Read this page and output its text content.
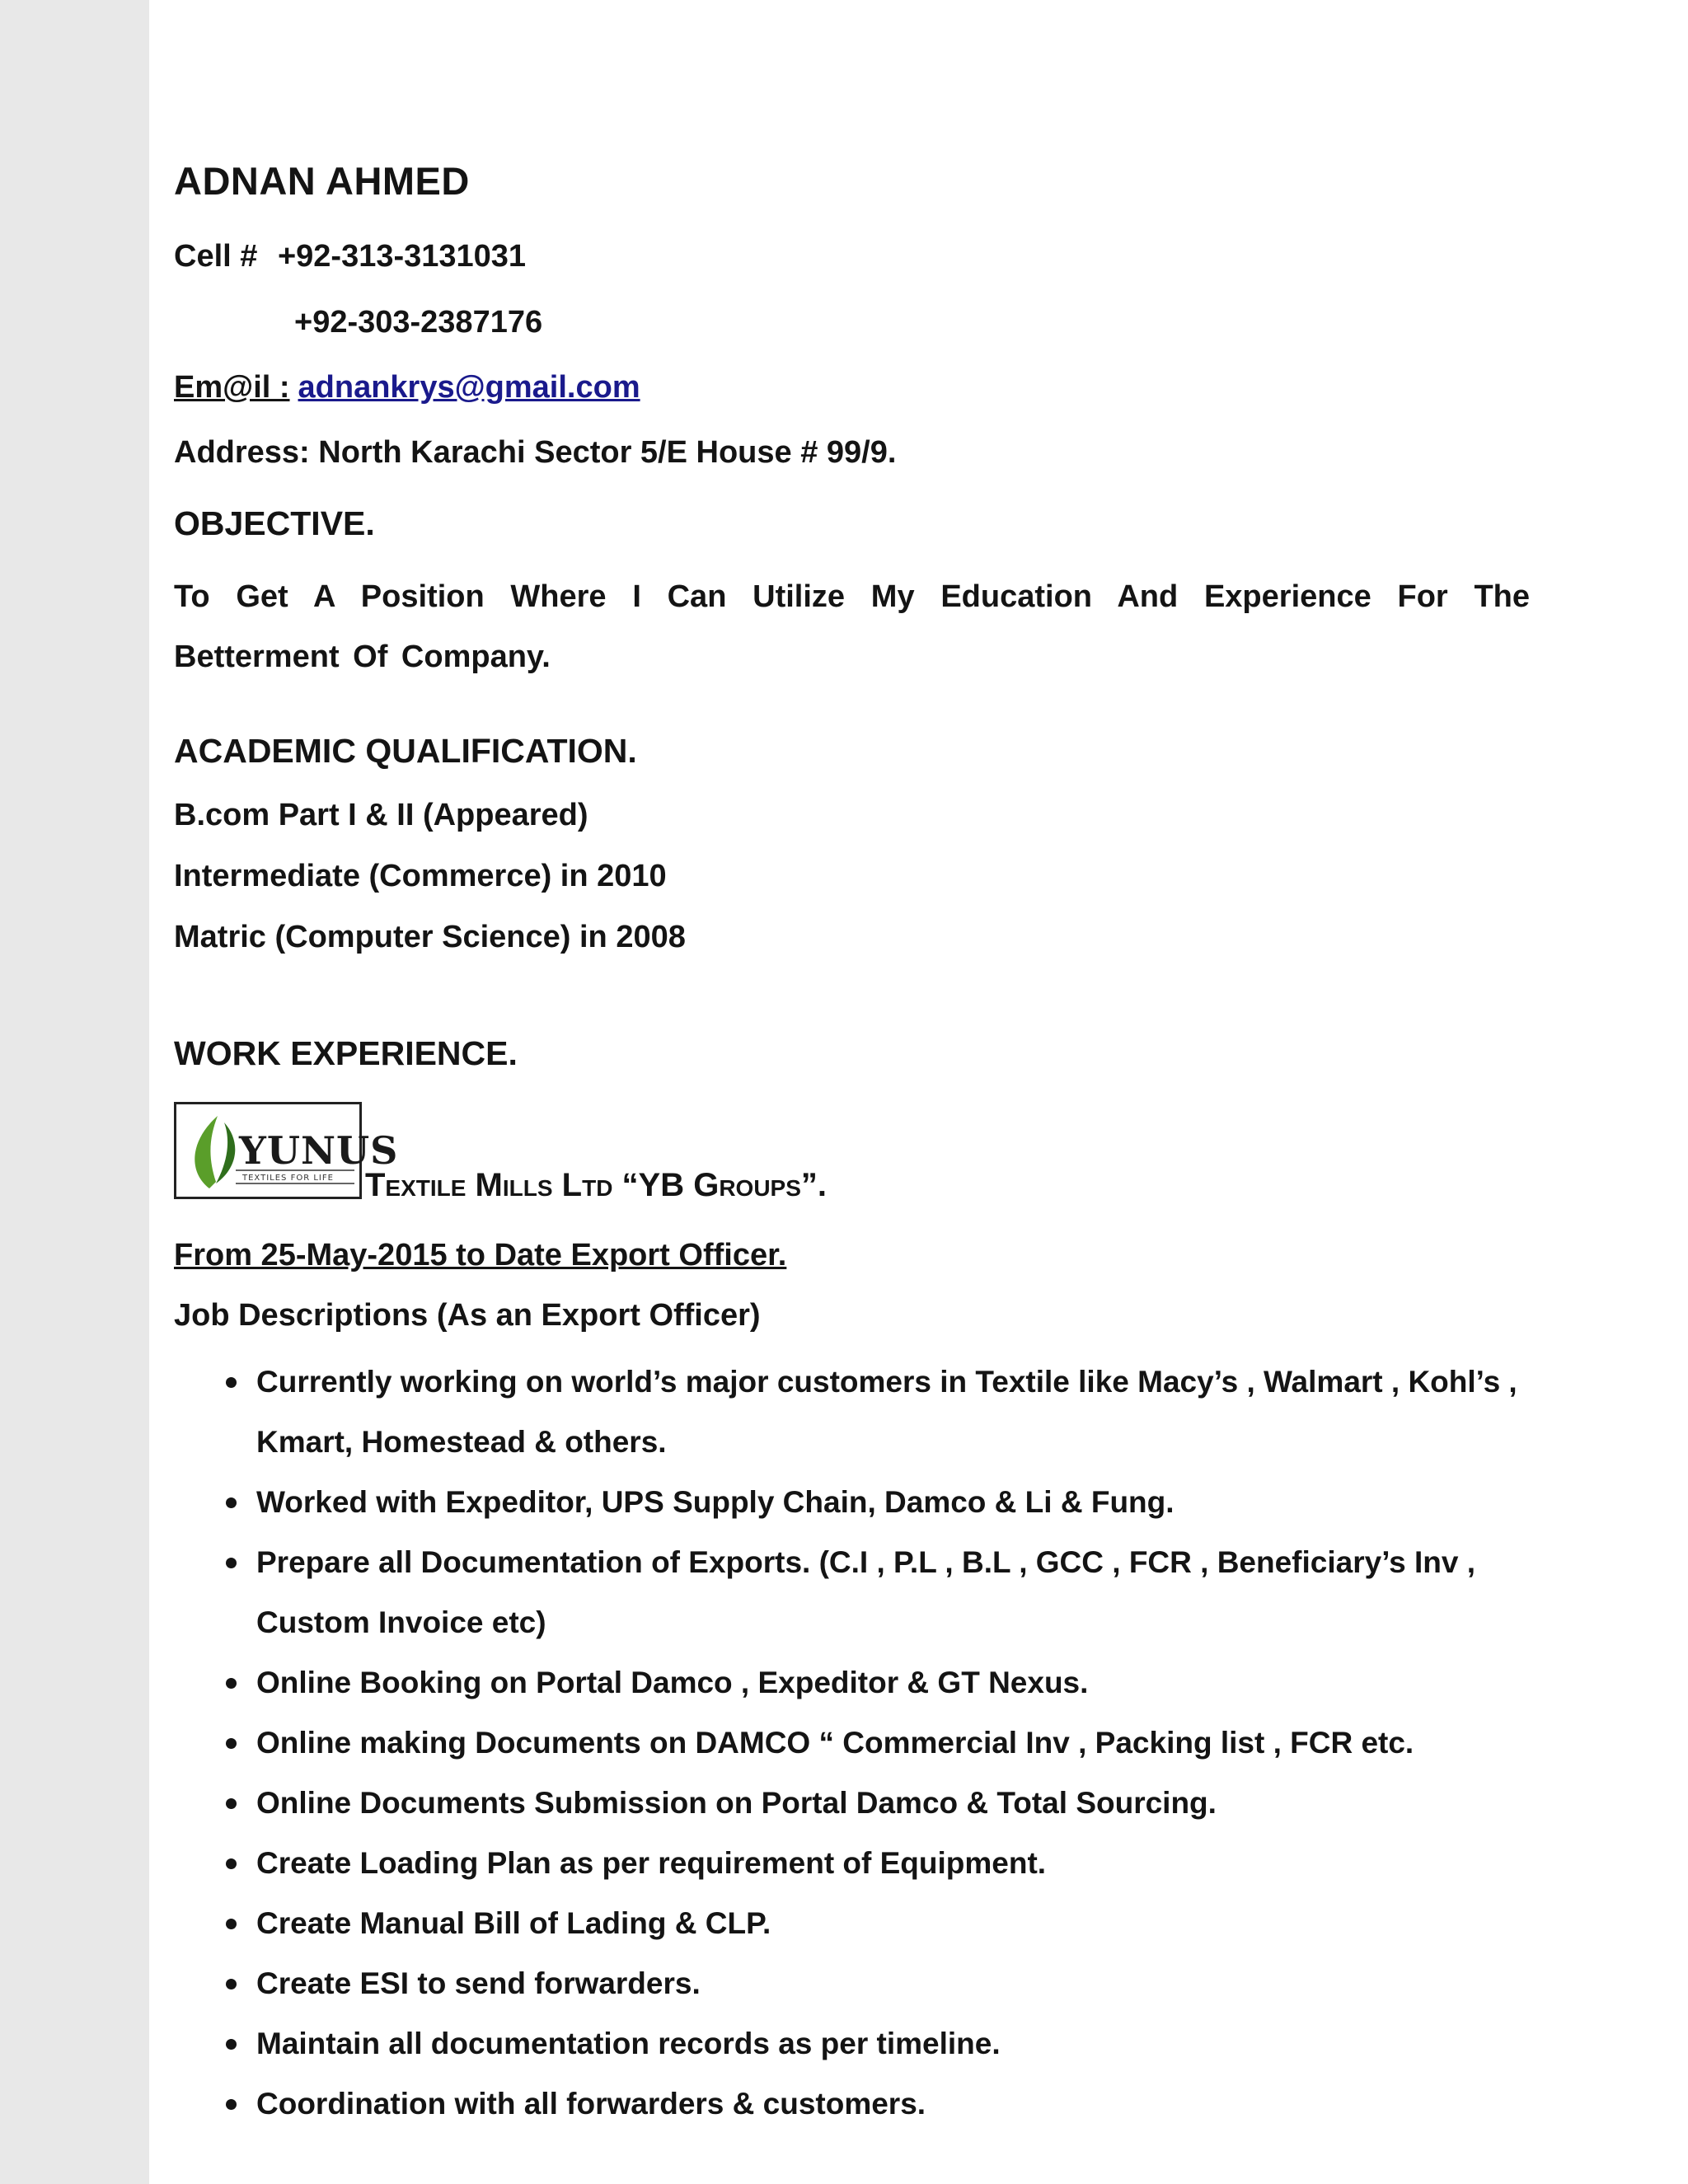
ADNAN AHMED
Cell # +92-313-3131031
+92-303-2387176
Em@il : adnankrys@gmail.com
Address: North Karachi Sector 5/E House # 99/9.
OBJECTIVE.
To Get A Position Where I Can Utilize My Education And Experience For The Betterment Of Company.
ACADEMIC QUALIFICATION.
B.com Part I & II (Appeared)
Intermediate (Commerce) in 2010
Matric (Computer Science) in 2008
WORK EXPERIENCE.
YUNUS
TEXTILES FOR LIFE Textile Mills Ltd “YB Groups”.
From 25-May-2015 to Date Export Officer.
Job Descriptions (As an Export Officer)
Currently working on world’s major customers in Textile like Macy’s , Walmart , Kohl’s , Kmart, Homestead & others.
Worked with Expeditor, UPS Supply Chain, Damco & Li & Fung.
Prepare all Documentation of Exports. (C.I , P.L , B.L , GCC , FCR , Beneficiary’s Inv , Custom Invoice etc)
Online Booking on Portal Damco , Expeditor & GT Nexus.
Online making Documents on DAMCO “ Commercial Inv , Packing list , FCR etc.
Online Documents Submission on Portal Damco & Total Sourcing.
Create Loading Plan as per requirement of Equipment.
Create Manual Bill of Lading & CLP.
Create ESI to send forwarders.
Maintain all documentation records as per timeline.
Coordination with all forwarders & customers.
